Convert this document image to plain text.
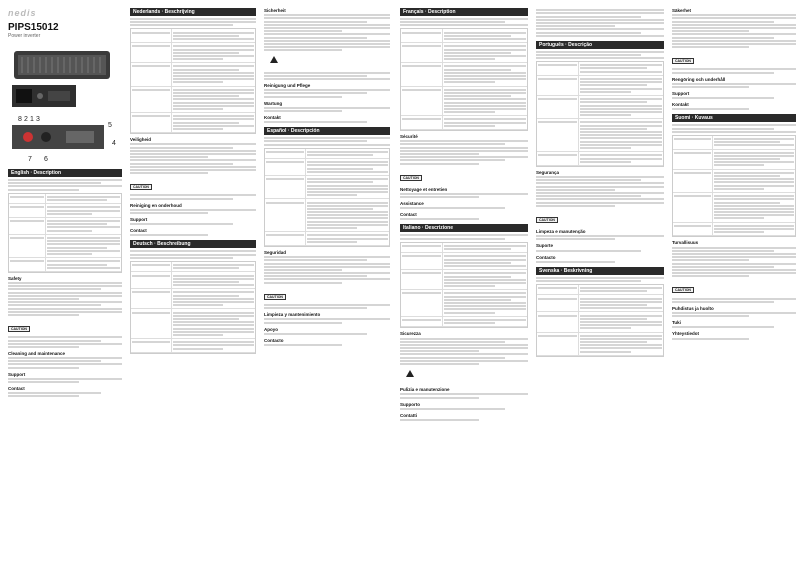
nedis
PIPS15012
Power inverter
8 2 1 3
5
7 6
4
English · Description
Safety
CAUTION
Cleaning and maintenance
Support
Contact
Nederlands · Beschrijving
Veiligheid
CAUTION
Reiniging en onderhoud
Support
Contact
Deutsch · Beschreibung
Sicherheit
Reinigung und Pflege
Wartung
Kontakt
Español · Descripción
Seguridad
CAUTION
Limpieza y mantenimiento
Apoyo
Contacto
Français · Description
Sécurité
CAUTION
Nettoyage et entretien
Assistance
Contact
Italiano · Descrizione
Sicurezza
Pulizia e manutenzione
Supporto
Contatti
Português · Descrição
Segurança
CAUTION
Limpeza e manutenção
Suporte
Contacto
Svenska · Beskrivning
Säkerhet
CAUTION
Rengöring och underhåll
Support
Kontakt
Suomi · Kuvaus
Turvallisuus
CAUTION
Puhdistus ja huolto
Tuki
Yhteystiedot
